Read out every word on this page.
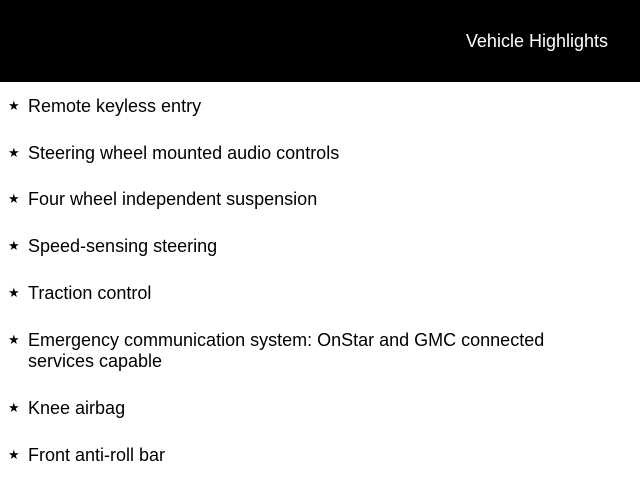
Vehicle Highlights
★ Remote keyless entry
★ Steering wheel mounted audio controls
★ Four wheel independent suspension
★ Speed-sensing steering
★ Traction control
★ Emergency communication system: OnStar and GMC connected services capable
★ Knee airbag
★ Front anti-roll bar
